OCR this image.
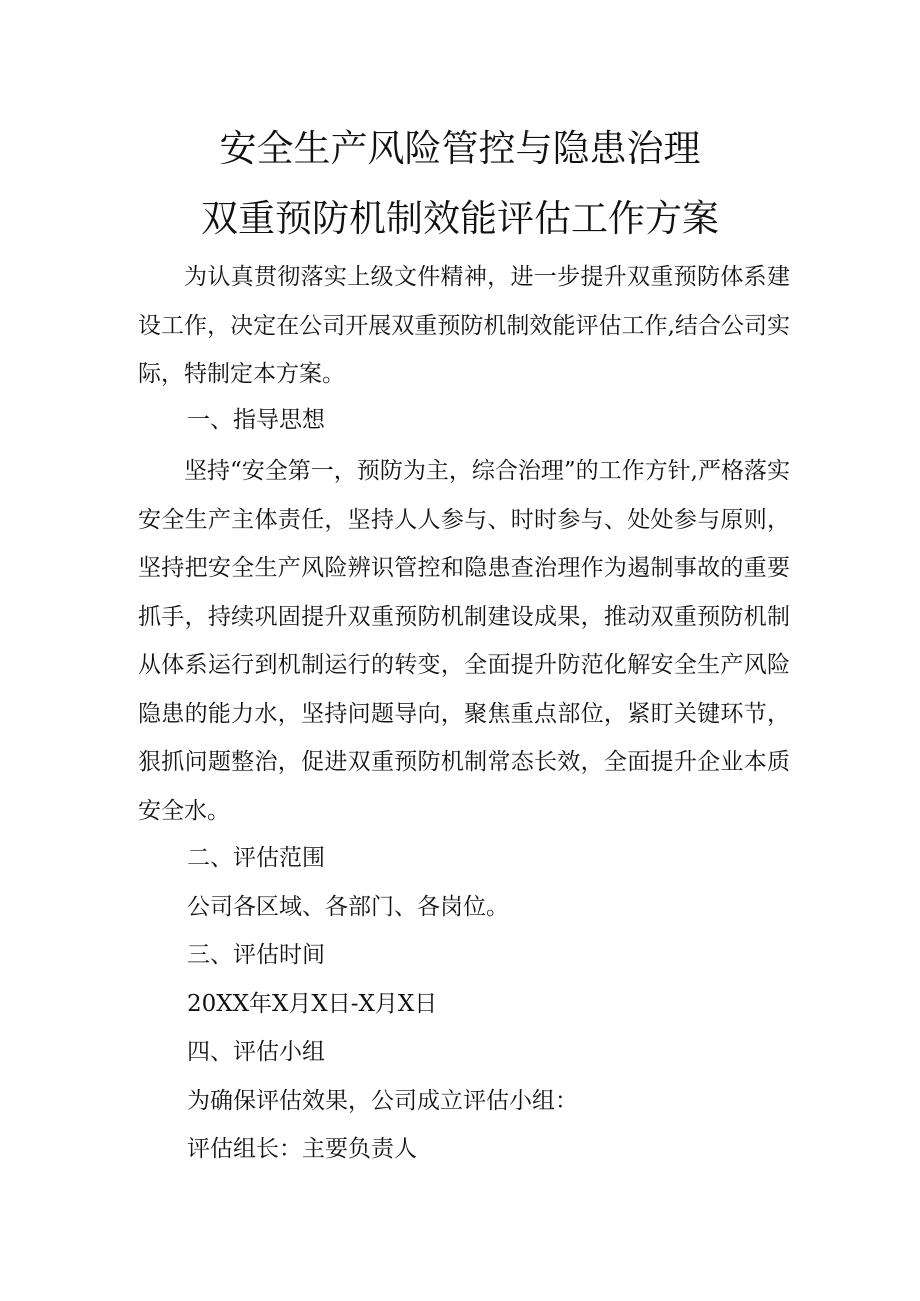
安全生产风险管控与隐患治理
双重预防机制效能评估工作方案

为认真贯彻落实上级文件精神，进一步提升双重预防体系建设工作，决定在公司开展双重预防机制效能评估工作,结合公司实际，特制定本方案。

一、指导思想

坚持“安全第一，预防为主，综合治理”的工作方针,严格落实安全生产主体责任，坚持人人参与、时时参与、处处参与原则，坚持把安全生产风险辨识管控和隐患查治理作为遏制事故的重要抓手，持续巩固提升双重预防机制建设成果，推动双重预防机制从体系运行到机制运行的转变，全面提升防范化解安全生产风险隐患的能力水，坚持问题导向，聚焦重点部位，紧盯关键环节，狠抓问题整治，促进双重预防机制常态长效，全面提升企业本质安全水。

二、评估范围
公司各区域、各部门、各岗位。
三、评估时间
20XX年X月X日-X月X日
四、评估小组
为确保评估效果，公司成立评估小组：
评估组长：主要负责人
